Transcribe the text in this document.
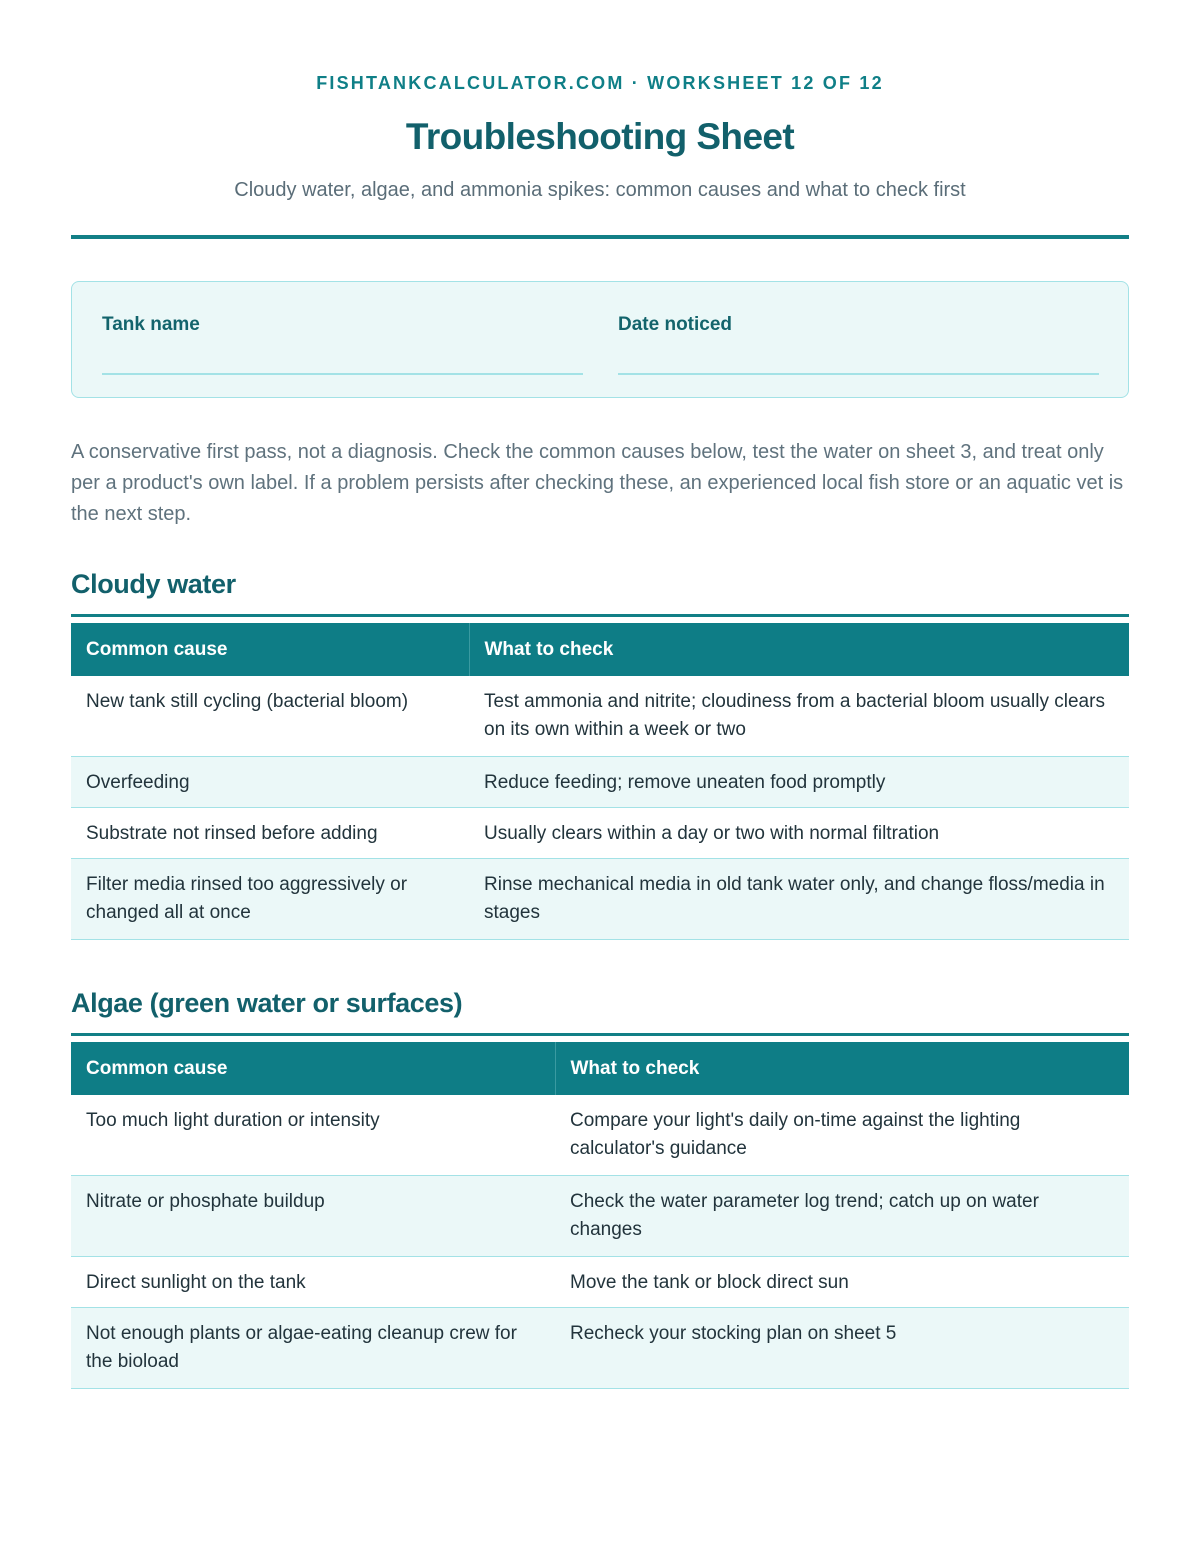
FISHTANKCALCULATOR.COM · WORKSHEET 12 OF 12
Troubleshooting Sheet
Cloudy water, algae, and ammonia spikes: common causes and what to check first
Tank name	Date noticed

A conservative first pass, not a diagnosis. Check the common causes below, test the water on sheet 3, and treat only per a product's own label. If a problem persists after checking these, an experienced local fish store or an aquatic vet is the next step.

Cloudy water
Common cause	What to check
New tank still cycling (bacterial bloom)	Test ammonia and nitrite; cloudiness from a bacterial bloom usually clears on its own within a week or two
Overfeeding	Reduce feeding; remove uneaten food promptly
Substrate not rinsed before adding	Usually clears within a day or two with normal filtration
Filter media rinsed too aggressively or changed all at once	Rinse mechanical media in old tank water only, and change floss/media in stages
Algae (green water or surfaces)
Common cause	What to check
Too much light duration or intensity	Compare your light's daily on-time against the lighting calculator's guidance
Nitrate or phosphate buildup	Check the water parameter log trend; catch up on water changes
Direct sunlight on the tank	Move the tank or block direct sun
Not enough plants or algae-eating cleanup crew for the bioload	Recheck your stocking plan on sheet 5
